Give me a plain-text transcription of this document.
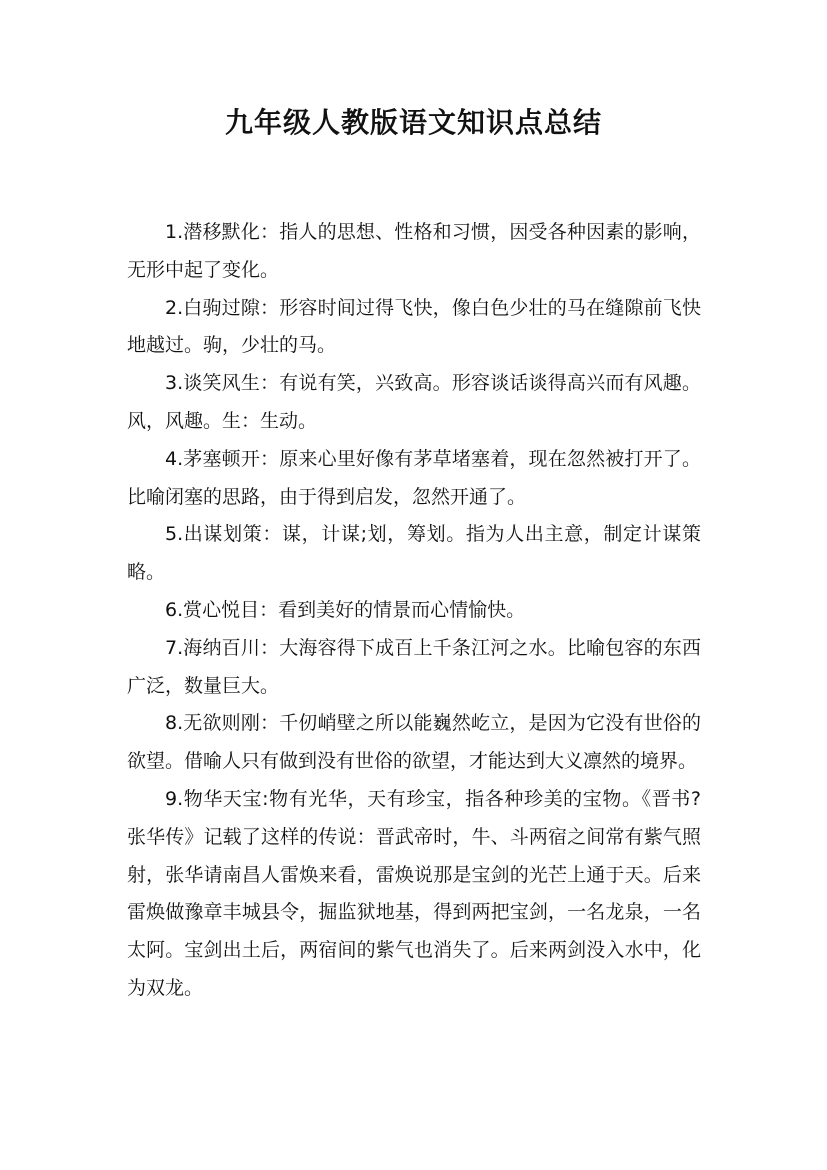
九年级人教版语文知识点总结

1.潜移默化：指人的思想、性格和习惯，因受各种因素的影响，无形中起了变化。

2.白驹过隙：形容时间过得飞快，像白色少壮的马在缝隙前飞快地越过。驹，少壮的马。

3.谈笑风生：有说有笑，兴致高。形容谈话谈得高兴而有风趣。风，风趣。生：生动。

4.茅塞顿开：原来心里好像有茅草堵塞着，现在忽然被打开了。比喻闭塞的思路，由于得到启发，忽然开通了。

5.出谋划策：谋，计谋;划，筹划。指为人出主意，制定计谋策略。

6.赏心悦目：看到美好的情景而心情愉快。

7.海纳百川：大海容得下成百上千条江河之水。比喻包容的东西广泛，数量巨大。

8.无欲则刚：千仞峭壁之所以能巍然屹立，是因为它没有世俗的欲望。借喻人只有做到没有世俗的欲望，才能达到大义凛然的境界。

9.物华天宝:物有光华，天有珍宝，指各种珍美的宝物。《晋书?张华传》记载了这样的传说：晋武帝时，牛、斗两宿之间常有紫气照射，张华请南昌人雷焕来看，雷焕说那是宝剑的光芒上通于天。后来雷焕做豫章丰城县令，掘监狱地基，得到两把宝剑，一名龙泉，一名太阿。宝剑出土后，两宿间的紫气也消失了。后来两剑没入水中，化为双龙。
